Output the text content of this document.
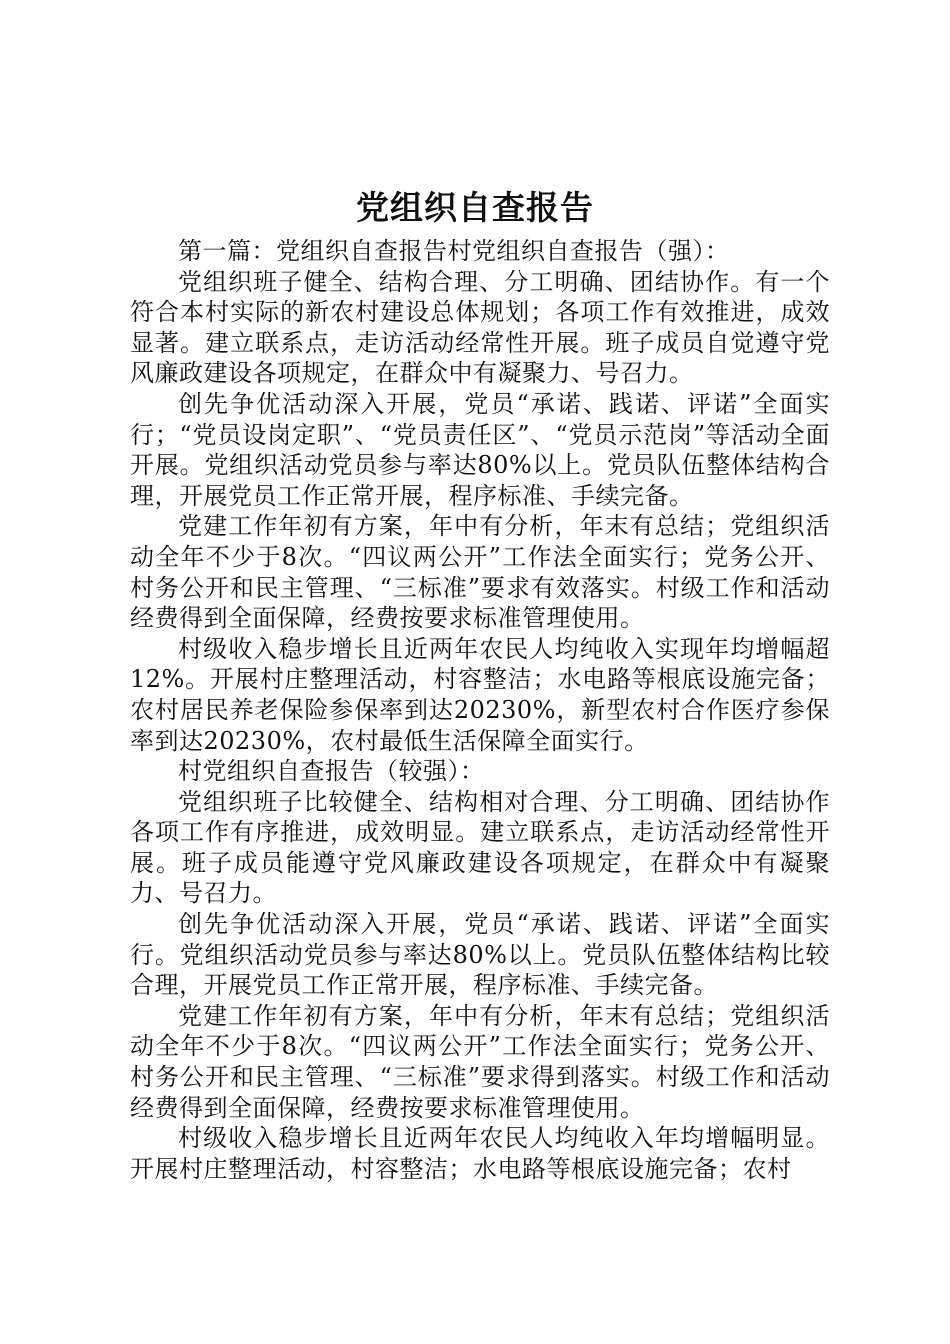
党组织自查报告

第一篇：党组织自查报告村党组织自查报告（强）：

党组织班子健全、结构合理、分工明确、团结协作。有一个符合本村实际的新农村建设总体规划；各项工作有效推进，成效显著。建立联系点，走访活动经常性开展。班子成员自觉遵守党风廉政建设各项规定，在群众中有凝聚力、号召力。

创先争优活动深入开展，党员“承诺、践诺、评诺”全面实行；“党员设岗定职”、“党员责任区”、“党员示范岗”等活动全面开展。党组织活动党员参与率达80%以上。党员队伍整体结构合理，开展党员工作正常开展，程序标准、手续完备。

党建工作年初有方案，年中有分析，年末有总结；党组织活动全年不少于8次。“四议两公开”工作法全面实行；党务公开、村务公开和民主管理、“三标准”要求有效落实。村级工作和活动经费得到全面保障，经费按要求标准管理使用。

村级收入稳步增长且近两年农民人均纯收入实现年均增幅超12%。开展村庄整理活动，村容整洁；水电路等根底设施完备；农村居民养老保险参保率到达20230%，新型农村合作医疗参保率到达20230%，农村最低生活保障全面实行。

村党组织自查报告（较强）：

党组织班子比较健全、结构相对合理、分工明确、团结协作各项工作有序推进，成效明显。建立联系点，走访活动经常性开展。班子成员能遵守党风廉政建设各项规定，在群众中有凝聚力、号召力。

创先争优活动深入开展，党员“承诺、践诺、评诺”全面实行。党组织活动党员参与率达80%以上。党员队伍整体结构比较合理，开展党员工作正常开展，程序标准、手续完备。

党建工作年初有方案，年中有分析，年末有总结；党组织活动全年不少于8次。“四议两公开”工作法全面实行；党务公开、村务公开和民主管理、“三标准”要求得到落实。村级工作和活动经费得到全面保障，经费按要求标准管理使用。

村级收入稳步增长且近两年农民人均纯收入年均增幅明显。开展村庄整理活动，村容整洁；水电路等根底设施完备；农村
